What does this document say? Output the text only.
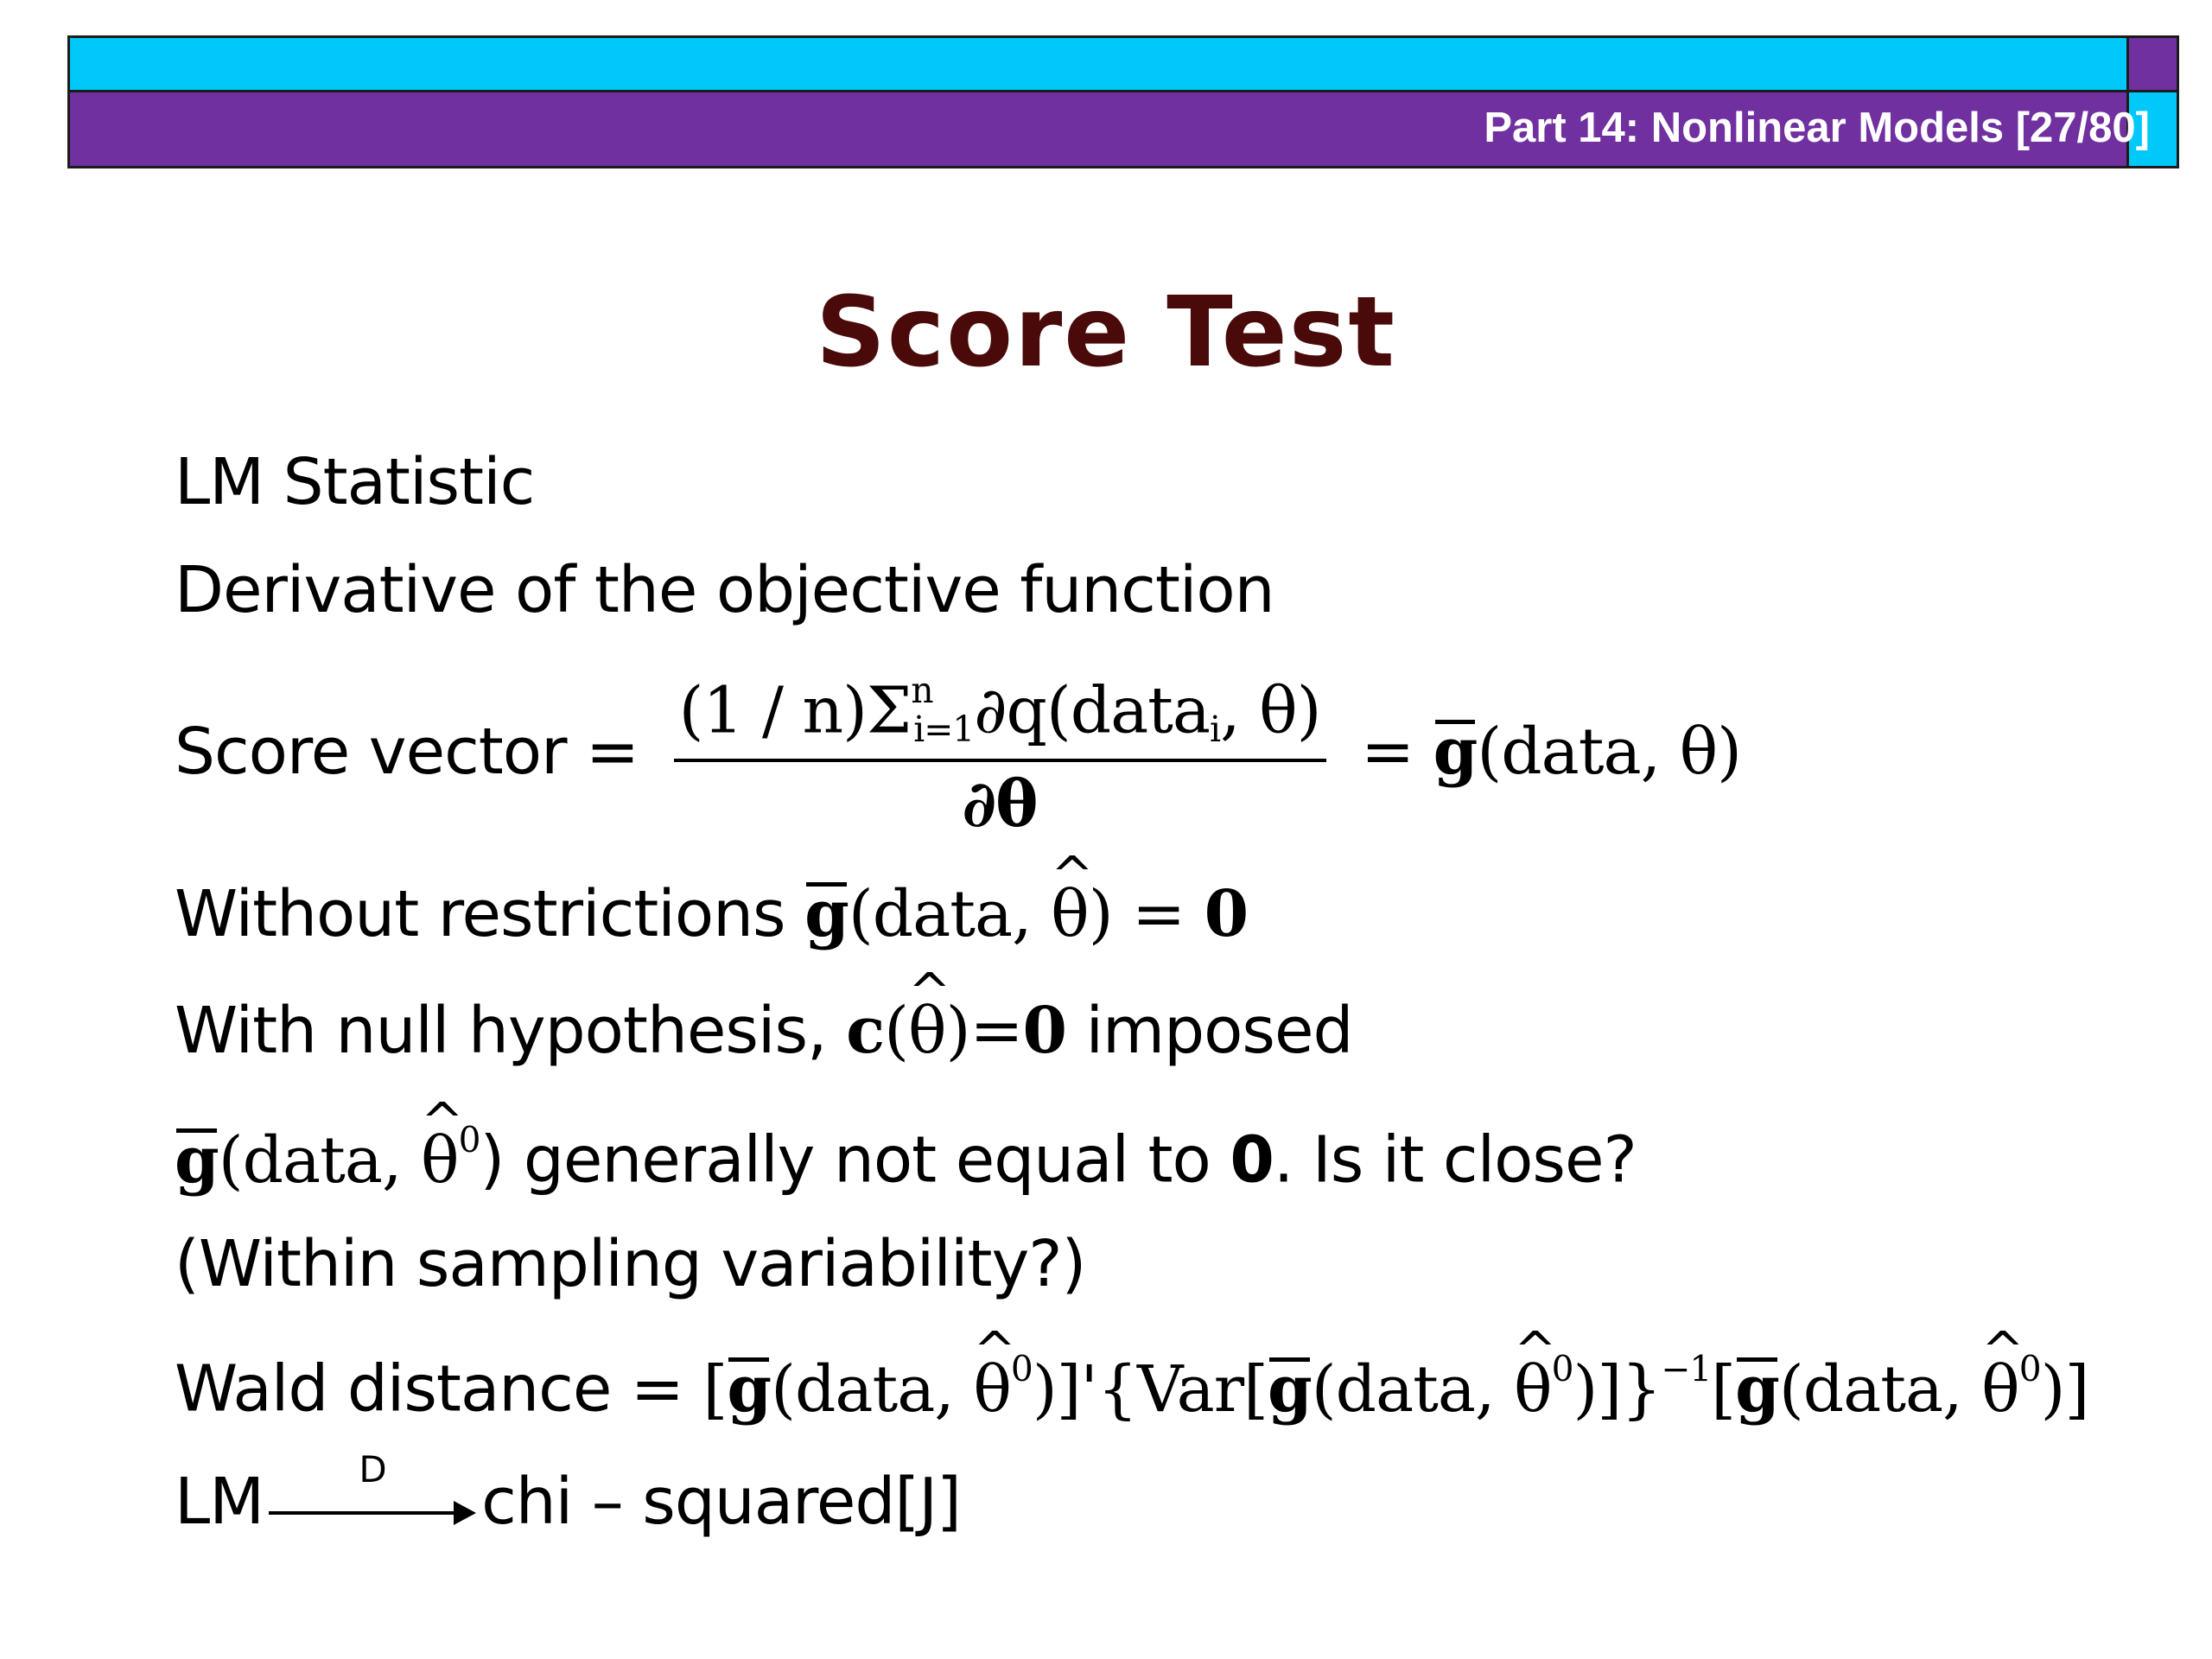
Part 14: Nonlinear Models [27/80]
Score Test
LM Statistic
Derivative of the objective function
Score vector = $\frac{(1 / n)\Sigma^n_{i=1}\partial q(data_i, \theta)}{\partial\theta}$ = g(data, θ)
Without restrictions g(data, ^ θ) = 0
With null hypothesis, c(^ θ)=0 imposed
g(data, ^ $\theta^0$) generally not equal to 0. Is it close?
(Within sampling variability?)
Wald distance = [g(data, ^ $\theta^0)]'\{Var[g(data$, ^ $\theta^0)]\}^{-1}[g(data$, ^ $\theta^0$)]
LM	D	chi – squared[J]
